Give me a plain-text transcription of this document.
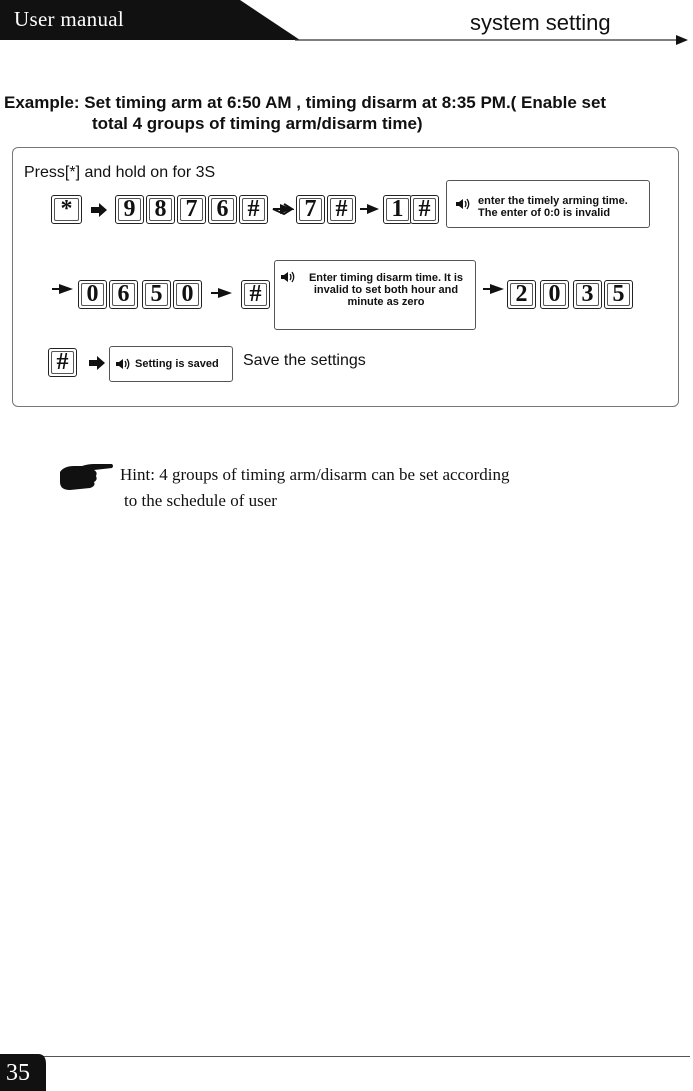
User manual	system setting
Example: Set timing arm at 6:50 AM , timing disarm at 8:35 PM.( Enable set
total 4 groups of timing arm/disarm time)
Press[*] and hold on for 3S
*	9 8 7 6 #	7 #	1 #	enter the timely arming time.
The enter of 0:0 is invalid
0 6 5 0	#
Enter timing disarm time. It is
invalid to set both hour and
minute as zero	2 0 3 5
#	Setting is saved Save the settings
Hint: 4 groups of timing arm/disarm can be set according
to the schedule of user
35
